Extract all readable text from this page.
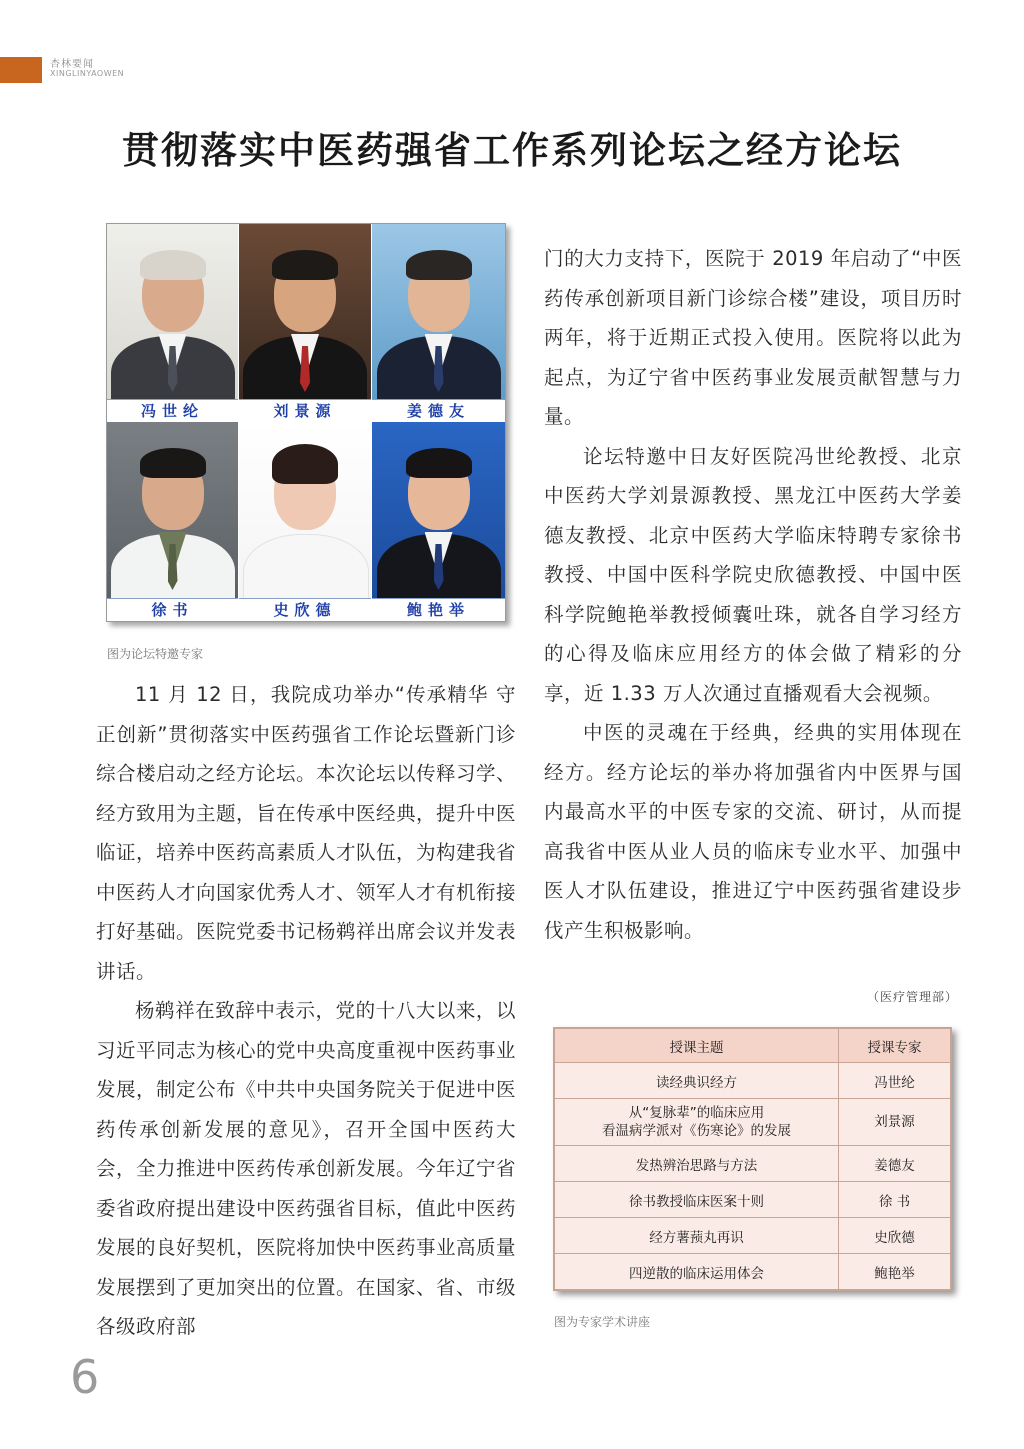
杏林要闻
XINGLINYAOWEN
贯彻落实中医药强省工作系列论坛之经方论坛
冯世纶	刘景源	姜德友
徐书	史欣德	鲍艳举
图为论坛特邀专家

11 月 12 日，我院成功举办“传承精华 守正创新”贯彻落实中医药强省工作论坛暨新门诊综合楼启动之经方论坛。本次论坛以传释习学、经方致用为主题，旨在传承中医经典，提升中医临证，培养中医药高素质人才队伍，为构建我省中医药人才向国家优秀人才、领军人才有机衔接打好基础。医院党委书记杨鹈祥出席会议并发表讲话。

杨鹈祥在致辞中表示，党的十八大以来，以习近平同志为核心的党中央高度重视中医药事业发展，制定公布《中共中央国务院关于促进中医药传承创新发展的意见》，召开全国中医药大会，全力推进中医药传承创新发展。今年辽宁省委省政府提出建设中医药强省目标，值此中医药发展的良好契机，医院将加快中医药事业高质量发展摆到了更加突出的位置。在国家、省、市级各级政府部

门的大力支持下，医院于 2019 年启动了“中医药传承创新项目新门诊综合楼”建设，项目历时两年，将于近期正式投入使用。医院将以此为起点，为辽宁省中医药事业发展贡献智慧与力量。

论坛特邀中日友好医院冯世纶教授、北京中医药大学刘景源教授、黑龙江中医药大学姜德友教授、北京中医药大学临床特聘专家徐书教授、中国中医科学院史欣德教授、中国中医科学院鲍艳举教授倾囊吐珠，就各自学习经方的心得及临床应用经方的体会做了精彩的分享，近 1.33 万人次通过直播观看大会视频。

中医的灵魂在于经典，经典的实用体现在经方。经方论坛的举办将加强省内中医界与国内最高水平的中医专家的交流、研讨，从而提高我省中医从业人员的临床专业水平、加强中医人才队伍建设，推进辽宁中医药强省建设步伐产生积极影响。

（医疗管理部）
授课主题	授课专家
读经典识经方	冯世纶

从“复脉辈”的临床应用
看温病学派对《伤寒论》的发展	刘景源
发热辨治思路与方法	姜德友
徐书教授临床医案十则	徐 书
经方薯蓣丸再识	史欣德
四逆散的临床运用体会	鲍艳举
图为专家学术讲座
6
